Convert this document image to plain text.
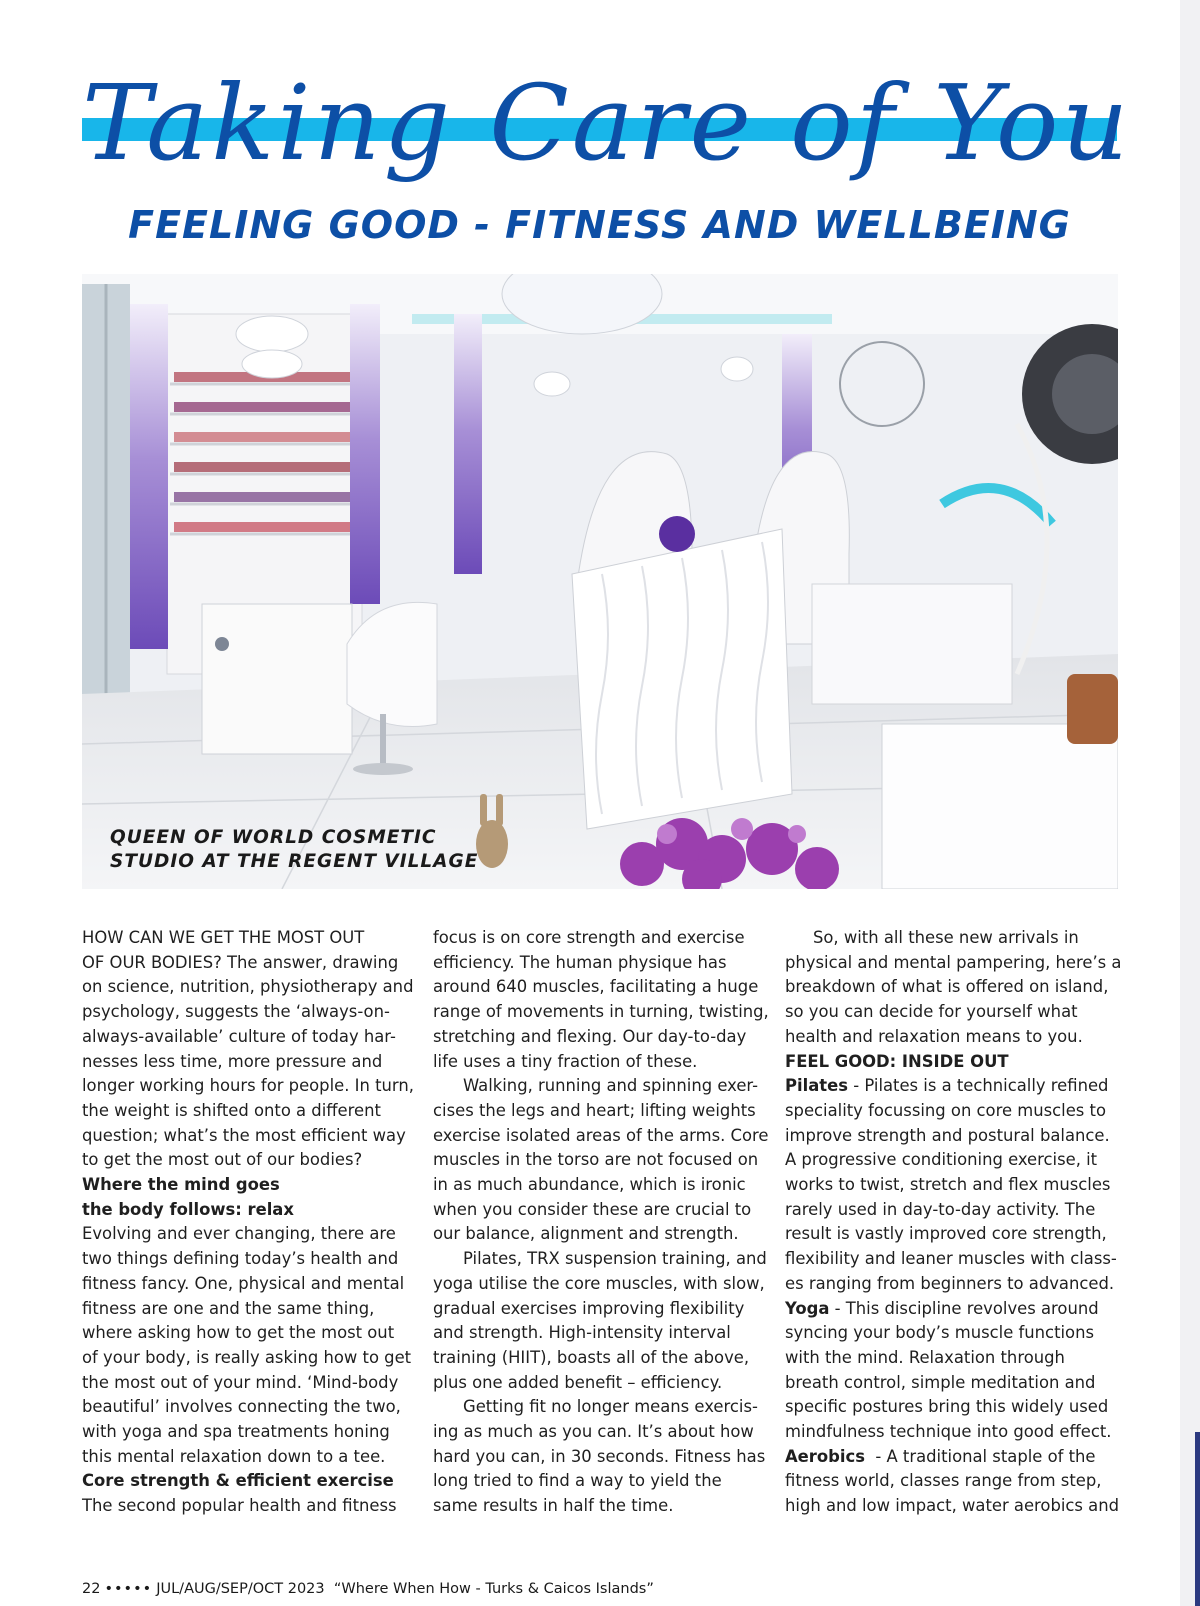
Taking Care of You
FEELING GOOD - FITNESS AND WELLBEING
QUEEN OF WORLD COSMETIC
STUDIO AT THE REGENT VILLAGE
HOW CAN WE GET THE MOST OUT
OF OUR BODIES? The answer, drawing
on science, nutrition, physiotherapy and
psychology, suggests the ‘always-on-
always-available’ culture of today har-
nesses less time, more pressure and
longer working hours for people. In turn,
the weight is shifted onto a different
question; what’s the most efficient way
to get the most out of our bodies?
Where the mind goes
the body follows: relax
Evolving and ever changing, there are
two things defining today’s health and
fitness fancy. One, physical and mental
fitness are one and the same thing,
where asking how to get the most out
of your body, is really asking how to get
the most out of your mind. ‘Mind-body
beautiful’ involves connecting the two,
with yoga and spa treatments honing
this mental relaxation down to a tee.
Core strength & efficient exercise
The second popular health and fitness
focus is on core strength and exercise
efficiency. The human physique has
around 640 muscles, facilitating a huge
range of movements in turning, twisting,
stretching and flexing. Our day-to-day
life uses a tiny fraction of these.
Walking, running and spinning exer-
cises the legs and heart; lifting weights
exercise isolated areas of the arms. Core
muscles in the torso are not focused on
in as much abundance, which is ironic
when you consider these are crucial to
our balance, alignment and strength.
Pilates, TRX suspension training, and
yoga utilise the core muscles, with slow,
gradual exercises improving flexibility
and strength. High-intensity interval
training (HIIT), boasts all of the above,
plus one added benefit – efficiency.
Getting fit no longer means exercis-
ing as much as you can. It’s about how
hard you can, in 30 seconds. Fitness has
long tried to find a way to yield the
same results in half the time.
So, with all these new arrivals in
physical and mental pampering, here’s a
breakdown of what is offered on island,
so you can decide for yourself what
health and relaxation means to you.
FEEL GOOD: INSIDE OUT
Pilates - Pilates is a technically refined
speciality focussing on core muscles to
improve strength and postural balance.
A progressive conditioning exercise, it
works to twist, stretch and flex muscles
rarely used in day-to-day activity. The
result is vastly improved core strength,
flexibility and leaner muscles with class-
es ranging from beginners to advanced.
Yoga - This discipline revolves around
syncing your body’s muscle functions
with the mind. Relaxation through
breath control, simple meditation and
specific postures bring this widely used
mindfulness technique into good effect.
Aerobics  - A traditional staple of the
fitness world, classes range from step,
high and low impact, water aerobics and
22 ••••• JUL/AUG/SEP/OCT 2023 “Where When How - Turks & Caicos Islands”
